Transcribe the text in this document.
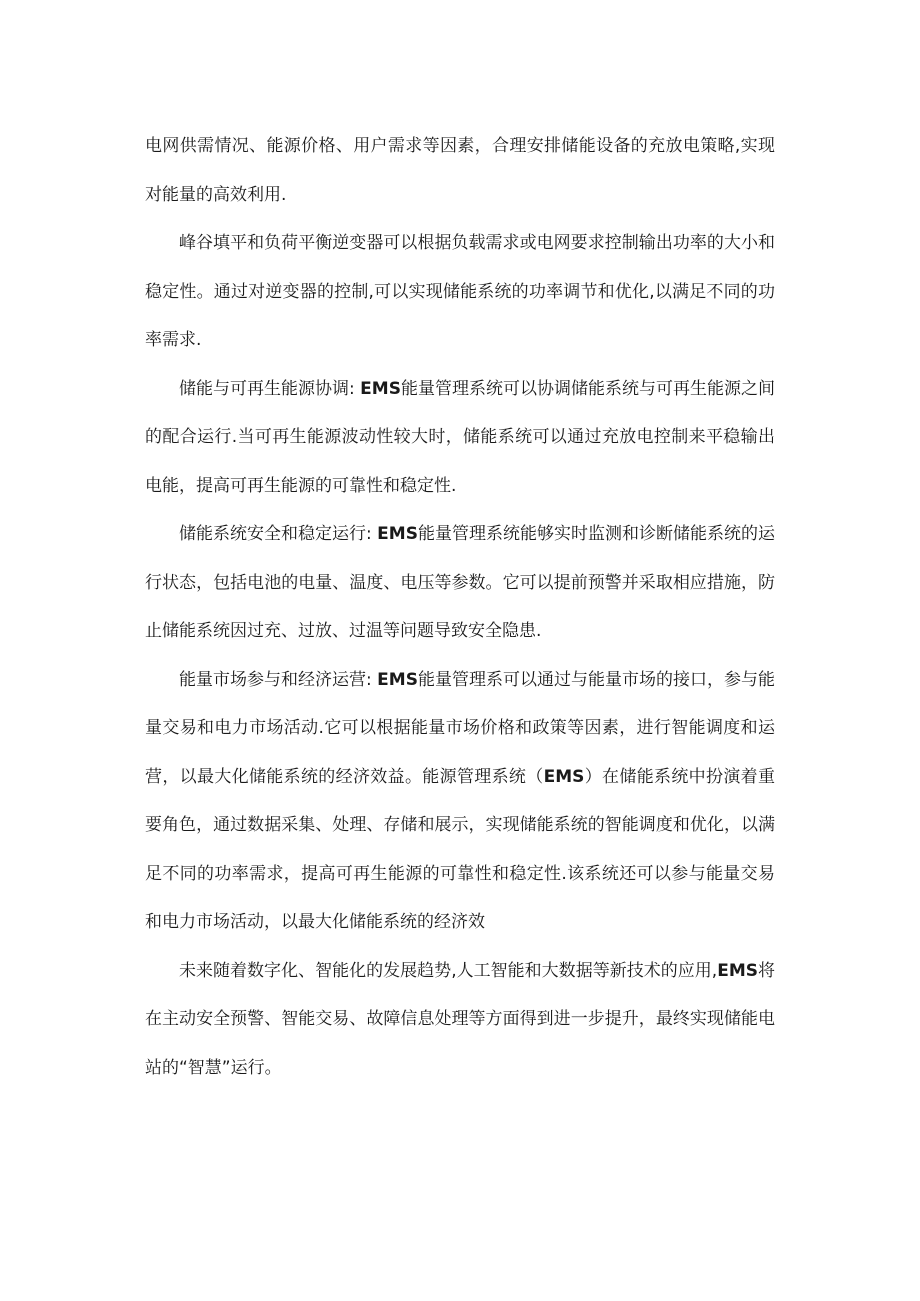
电网供需情况、能源价格、用户需求等因素，合理安排储能设备的充放电策略,实现对能量的高效利用.

峰谷填平和负荷平衡逆变器可以根据负载需求或电网要求控制输出功率的大小和稳定性。通过对逆变器的控制,可以实现储能系统的功率调节和优化,以满足不同的功率需求.

储能与可再生能源协调: EMS能量管理系统可以协调储能系统与可再生能源之间的配合运行.当可再生能源波动性较大时，储能系统可以通过充放电控制来平稳输出电能，提高可再生能源的可靠性和稳定性.

储能系统安全和稳定运行: EMS能量管理系统能够实时监测和诊断储能系统的运行状态，包括电池的电量、温度、电压等参数。它可以提前预警并采取相应措施，防止储能系统因过充、过放、过温等问题导致安全隐患.

能量市场参与和经济运营: EMS能量管理系可以通过与能量市场的接口，参与能量交易和电力市场活动.它可以根据能量市场价格和政策等因素，进行智能调度和运营，以最大化储能系统的经济效益。能源管理系统（EMS）在储能系统中扮演着重要角色，通过数据采集、处理、存储和展示，实现储能系统的智能调度和优化，以满足不同的功率需求，提高可再生能源的可靠性和稳定性.该系统还可以参与能量交易和电力市场活动，以最大化储能系统的经济效

未来随着数字化、智能化的发展趋势,人工智能和大数据等新技术的应用,EMS将在主动安全预警、智能交易、故障信息处理等方面得到进一步提升，最终实现储能电站的“智慧”运行。
